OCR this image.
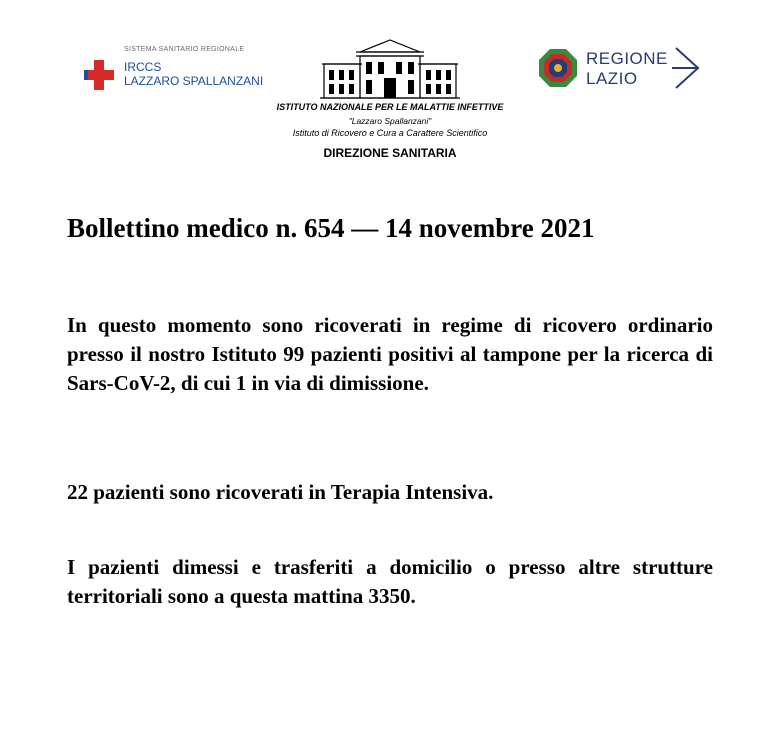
SISTEMA SANITARIO REGIONALE
IRCCS
LAZZARO SPALLANZANI
ISTITUTO NAZIONALE PER LE MALATTIE INFETTIVE
"Lazzaro Spallanzani"
Istituto di Ricovero e Cura a Carattere Scientifico
DIREZIONE SANITARIA
REGIONE
LAZIO
Bollettino medico n. 654 — 14 novembre 2021

In questo momento sono ricoverati in regime di ricovero ordinario presso il nostro Istituto 99 pazienti positivi al tampone per la ricerca di Sars-CoV-2, di cui 1 in via di dimissione.

22 pazienti sono ricoverati in Terapia Intensiva.

I pazienti dimessi e trasferiti a domicilio o presso altre strutture territoriali sono a questa mattina 3350.
